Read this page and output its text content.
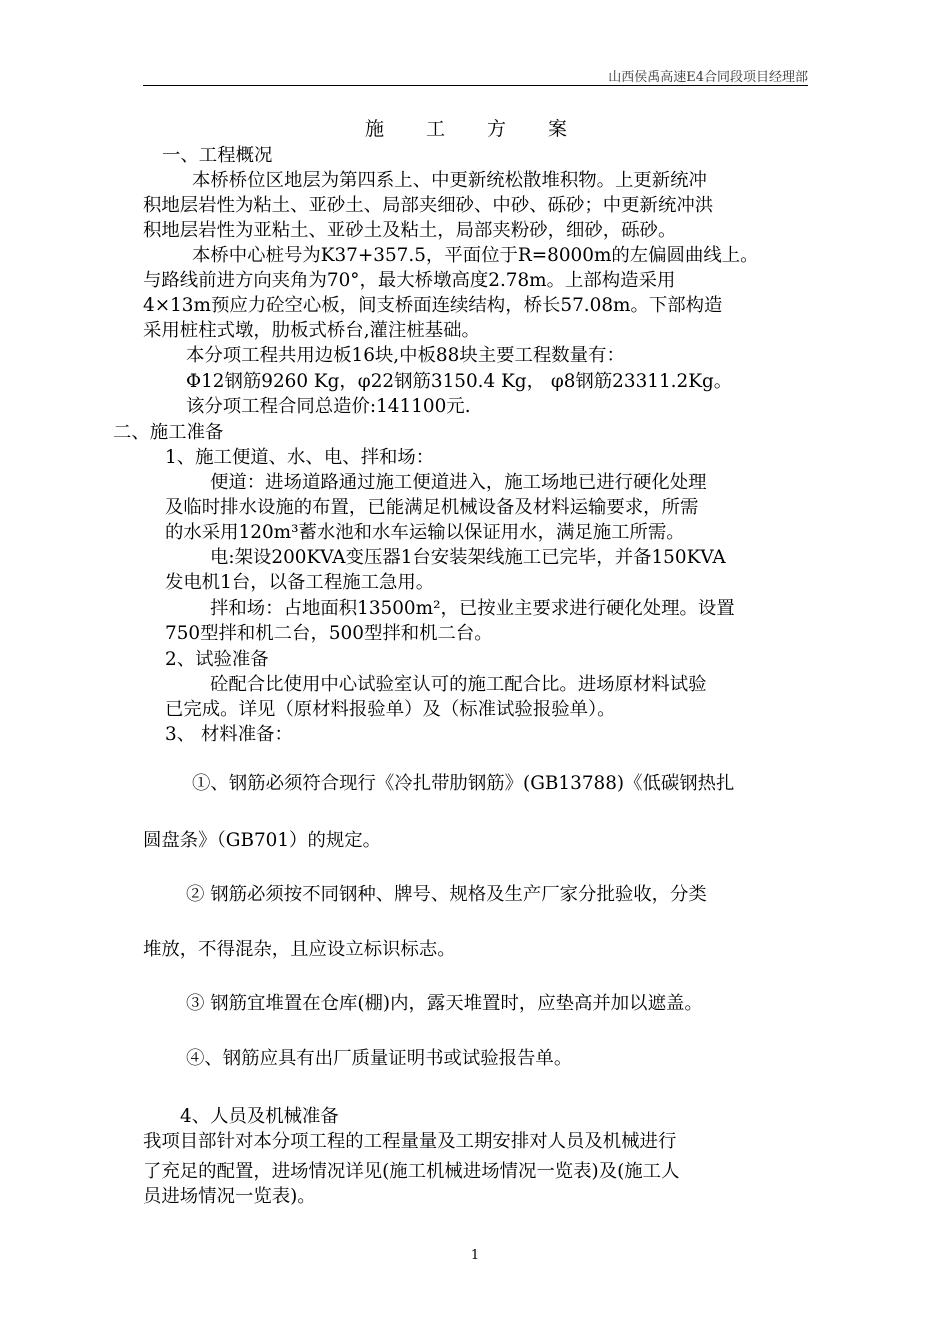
山西侯禹高速E4合同段项目经理部
施 工 方 案
一、工程概况
本桥桥位区地层为第四系上、中更新统松散堆积物。上更新统冲
积地层岩性为粘土、亚砂土、局部夹细砂、中砂、砾砂；中更新统冲洪
积地层岩性为亚粘土、亚砂土及粘土，局部夹粉砂，细砂，砾砂。
本桥中心桩号为K37+357.5，平面位于R=8000m的左偏圆曲线上。
与路线前进方向夹角为70°，最大桥墩高度2.78m。上部构造采用
4×13m预应力砼空心板，间支桥面连续结构，桥长57.08m。下部构造
采用桩柱式墩，肋板式桥台,灌注桩基础。
本分项工程共用边板16块,中板88块主要工程数量有：
Φ12钢筋9260 Kg，φ22钢筋3150.4 Kg， φ8钢筋23311.2Kg。
该分项工程合同总造价:141100元.
二、施工准备
1、施工便道、水、电、拌和场：
便道：进场道路通过施工便道进入，施工场地已进行硬化处理
及临时排水设施的布置，已能满足机械设备及材料运输要求，所需
的水采用120m³蓄水池和水车运输以保证用水，满足施工所需。
电:架设200KVA变压器1台安装架线施工已完毕，并备150KVA
发电机1台，以备工程施工急用。
拌和场：占地面积13500m²，已按业主要求进行硬化处理。设置
750型拌和机二台，500型拌和机二台。
2、试验准备
砼配合比使用中心试验室认可的施工配合比。进场原材料试验
已完成。详见（原材料报验单）及（标准试验报验单）。
3、 材料准备：
①、钢筋必须符合现行《冷扎带肋钢筋》(GB13788)《低碳钢热扎
圆盘条》（GB701）的规定。
② 钢筋必须按不同钢种、牌号、规格及生产厂家分批验收，分类
堆放，不得混杂，且应设立标识标志。
③ 钢筋宜堆置在仓库(棚)内，露天堆置时，应垫高并加以遮盖。
④、钢筋应具有出厂质量证明书或试验报告单。
4、人员及机械准备
我项目部针对本分项工程的工程量量及工期安排对人员及机械进行
了充足的配置，进场情况详见(施工机械进场情况一览表)及(施工人
员进场情况一览表)。
1
